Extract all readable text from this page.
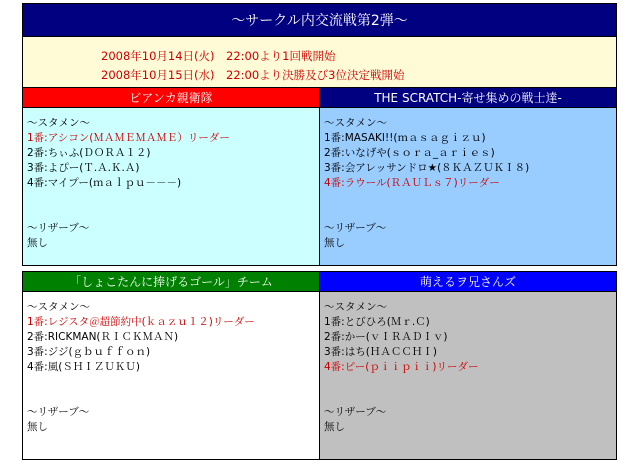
～サークル内交流戦第2弾～
2008年10月14日(火)　22:00より1回戦開始
2008年10月15日(水)　22:00より決勝及び3位決定戦開始
ビアンカ親衛隊
～スタメン～
1番:アシコン(ＭＡＭＥＭＡＭＥ）リーダー
2番:ちぃふ(ＤＯＲＡ１２)
3番:よぴー(Ｔ.Ａ.Ｋ.Ａ)
4番:マイプー(ｍａｌｐｕ－－－)
～リザーブ～
無し
THE SCRATCH-寄せ集めの戦士達-
～スタメン～
1番:MASAKI!!(ｍａｓａｇｉｚｕ)
2番:いなげや(ｓｏｒａ_ａｒｉｅｓ)
3番:会アレッサンドロ★(８ＫＡＺＵＫＩ８)
4番:ラウール(ＲＡＵＬｓ７)リーダー
～リザーブ～
無し
「しょこたんに捧げるゴール」チーム
～スタメン～
1番:レジスタ＠超節約中(ｋａｚｕ１２)リーダー
2番:RICKMAN(ＲＩＣＫＭＡＮ)
3番:ジジ(ｇｂｕｆｆｏｎ)
4番:風(ＳＨＩＺＵＫＵ)
～リザーブ～
無し
萌えるヲ兄さんズ
～スタメン～
1番:とびひろ(Ｍｒ.Ｃ)
2番:かー(ｖＩＲＡＤＩｖ)
3番:はち(ＨＡＣＣＨＩ)
4番:ピー(ｐｉｉｐｉｉ)リーダー
～リザーブ～
無し
